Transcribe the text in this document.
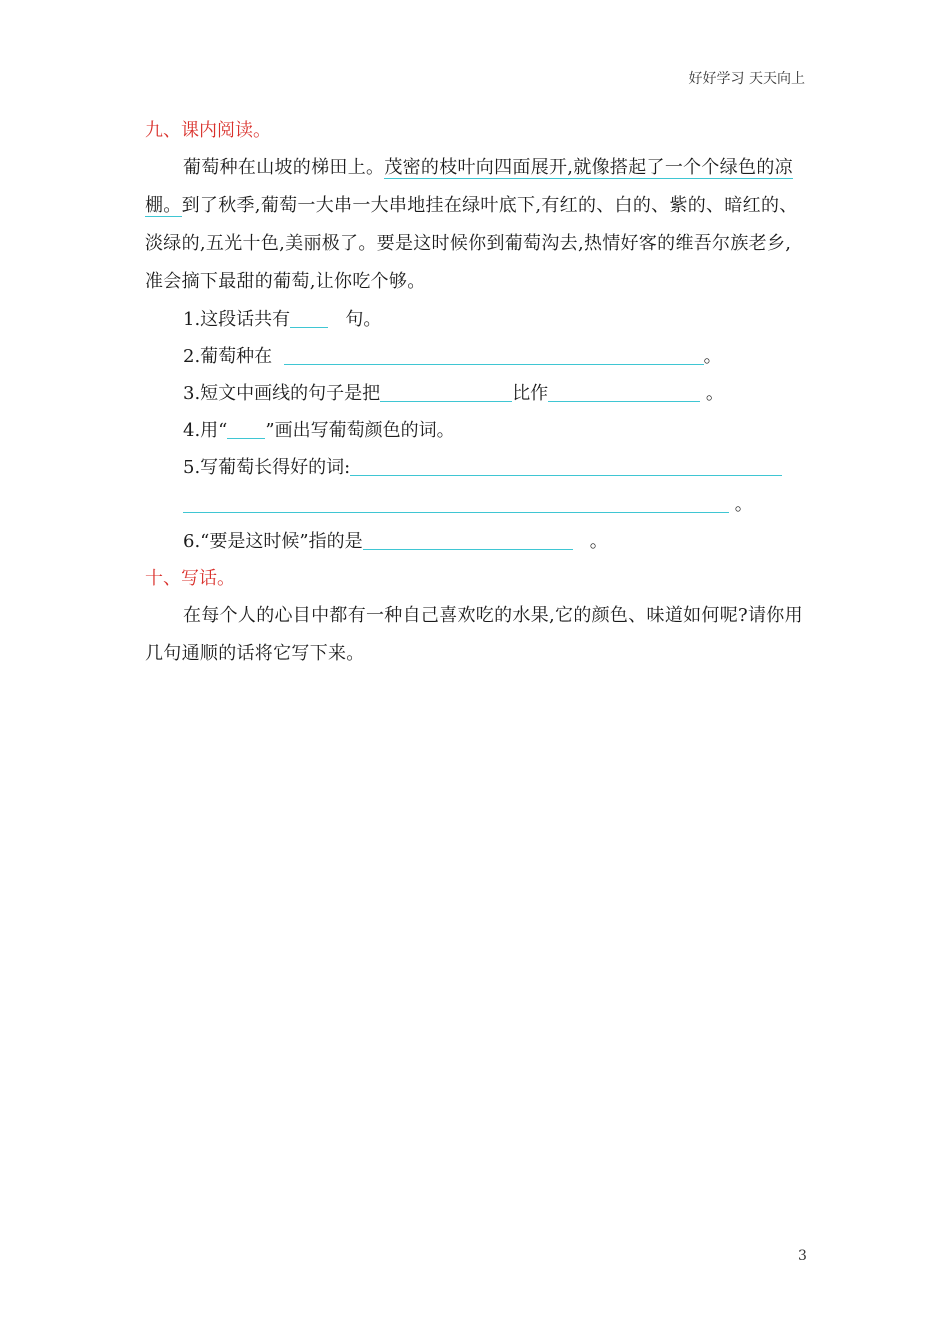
好好学习 天天向上
九、课内阅读。
葡萄种在山坡的梯田上。茂密的枝叶向四面展开,就像搭起了一个个绿色的凉棚。到了秋季,葡萄一大串一大串地挂在绿叶底下,有红的、白的、紫的、暗红的、淡绿的,五光十色,美丽极了。要是这时候你到葡萄沟去,热情好客的维吾尔族老乡,准会摘下最甜的葡萄,让你吃个够。
1.这段话共有	句。
2.葡萄种在	。
3.短文中画线的句子是把	比作	。
4.用“ ”画出写葡萄颜色的词。
5.写葡萄长得好的词:
。
6.“要是这时候”指的是	。
十、写话。
在每个人的心目中都有一种自己喜欢吃的水果,它的颜色、味道如何呢?请你用几句通顺的话将它写下来。
3
